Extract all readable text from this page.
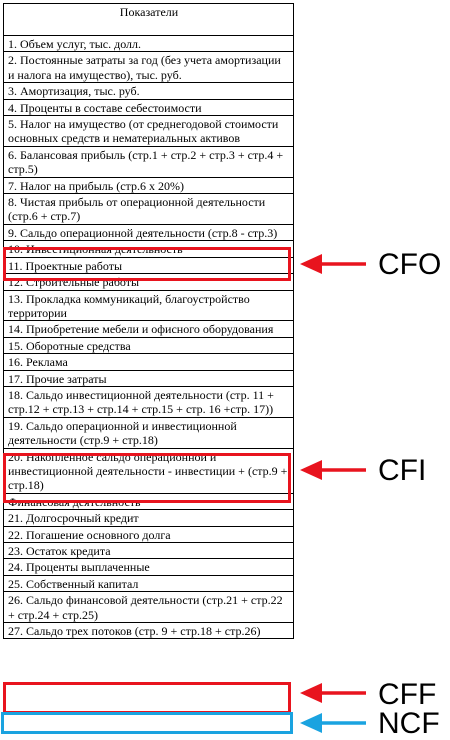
Показатели
1. Объем услуг, тыс. долл.
2. Постоянные затраты за год (без учета амортизации и налога на имущество), тыс. руб.
3. Амортизация, тыс. руб.
4. Проценты в составе себестоимости
5. Налог на имущество (от среднегодовой стоимости основных средств и нематериальных активов
6. Балансовая прибыль (стр.1 + стр.2 + стр.3 + стр.4 + стр.5)
7. Налог на прибыль (стр.6 х 20%)
8. Чистая прибыль от операционной деятельности (стр.6 + стр.7)
9. Сальдо операционной деятельности (стр.8 - стр.3)
10. Инвестиционная деятельность
11. Проектные работы
12. Строительные работы
13. Прокладка коммуникаций, благоустройство территории
14. Приобретение мебели и офисного оборудования
15. Оборотные средства
16. Реклама
17. Прочие затраты
18. Сальдо инвестиционной деятельности (стр. 11 + стр.12 + стр.13 + стр.14 + стр.15 + стр. 16 +стр. 17))
19. Сальдо операционной и инвестиционной деятельности (стр.9 + стр.18)
20. Накопленное сальдо операционной и инвестиционной деятельности - инвестиции + (стр.9 + стр.18)
Финансовая деятельность
21. Долгосрочный кредит
22. Погашение основного долга
23. Остаток кредита
24. Проценты выплаченные
25. Собственный капитал
26. Сальдо финансовой деятельности (стр.21 + стр.22 + стр.24 + стр.25)
27. Сальдо трех потоков (стр. 9 + стр.18 + стр.26)
CFO
CFI
CFF
NCF
